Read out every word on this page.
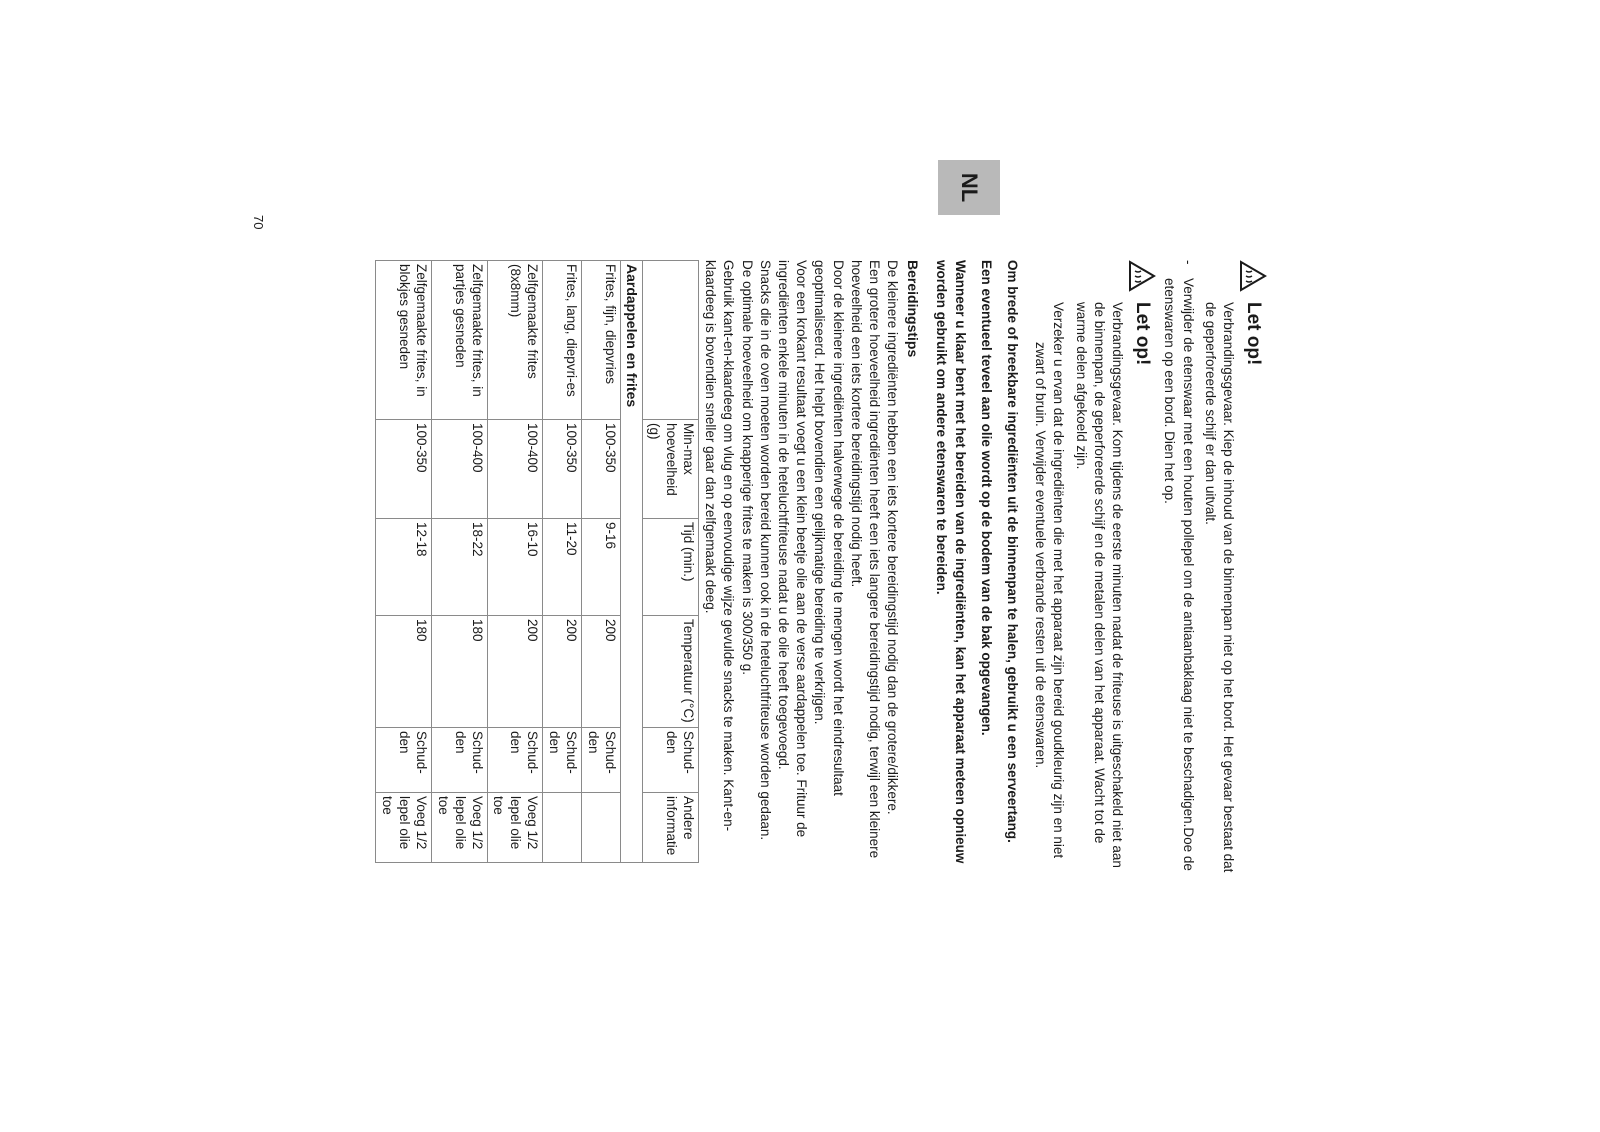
NL
Let op!

Verbrandingsgevaar. Kiep de inhoud van de binnenpan niet op het bord. Het gevaar bestaat dat de geperforeerde schijf er dan uitvalt.

-
Verwijder de etenswaar met een houten pollepel om de antiaanbaklaag niet te beschadigen.Doe de etenswaren op een bord. Dien het op.
Let op!

Verbrandingsgevaar. Kom tijdens de eerste minuten nadat de friteuse is uitgeschakeld niet aan de binnenpan, de geperforeerde schijf en de metalen delen van het apparaat. Wacht tot de warme delen afgekoeld zijn.

Verzeker u ervan dat de ingrediënten die met het apparaat zijn bereid goudkleurig zijn en niet zwart of bruin. Verwijder eventuele verbrande resten uit de etenswaren.

Om brede of breekbare ingrediënten uit de binnenpan te halen, gebruikt u een serveertang.

Een eventueel teveel aan olie wordt op de bodem van de bak opgevangen.

Wanneer u klaar bent met het bereiden van de ingrediënten, kan het apparaat meteen opnieuw worden gebruikt om andere etenswaren te bereiden.

Bereidingstips

De kleinere ingrediënten hebben een iets kortere bereidingstijd nodig dan de grotere/dikkere.

Een grotere hoeveelheid ingrediënten heeft een iets langere bereidingstijd nodig, terwijl een kleinere hoeveelheid een iets kortere bereidingstijd nodig heeft.

Door de kleinere ingrediënten halverwege de bereiding te mengen wordt het eindresultaat geoptimaliseerd. Het helpt bovendien een gelijkmatige bereiding te verkrijgen.

Voor een krokant resultaat voegt u een klein beetje olie aan de verse aardappelen toe. Frituur de ingrediënten enkele minuten in de heteluchtfriteuse nadat u de olie heeft toegevoegd.

Snacks die in de oven moeten worden bereid kunnen ook in de heteluchtfriteuse worden gedaan.

De optimale hoeveelheid om knapperige frites te maken is 300/350 g.

Gebruik kant-en-klaardeeg om vlug en op eenvoudige wijze gevulde snacks te maken. Kant-en-klaardeeg is bovendien sneller gaar dan zelfgemaakt deeg.

	Min-max hoeveelheid (g)	Tijd (min.)	Temperatuur (°C)	Schud-den	Andere informatie
Aardappelen en frites					
Frites, fijn, diepvries	100-350	9-16	200	Schud-den	
Frites, lang, diepvri-es	100-350	11-20	200	Schud-den	
Zelfgemaakte frites (8x8mm)	100-400	16-10	200	Schud-den	Voeg 1/2 lepel olie toe
Zelfgemaakte frites, in partjes gesneden	100-400	18-22	180	Schud-den	Voeg 1/2 lepel olie toe
Zelfgemaakte frites, in blokjes gesneden	100-350	12-18	180	Schud-den	Voeg 1/2 lepel olie toe
70
